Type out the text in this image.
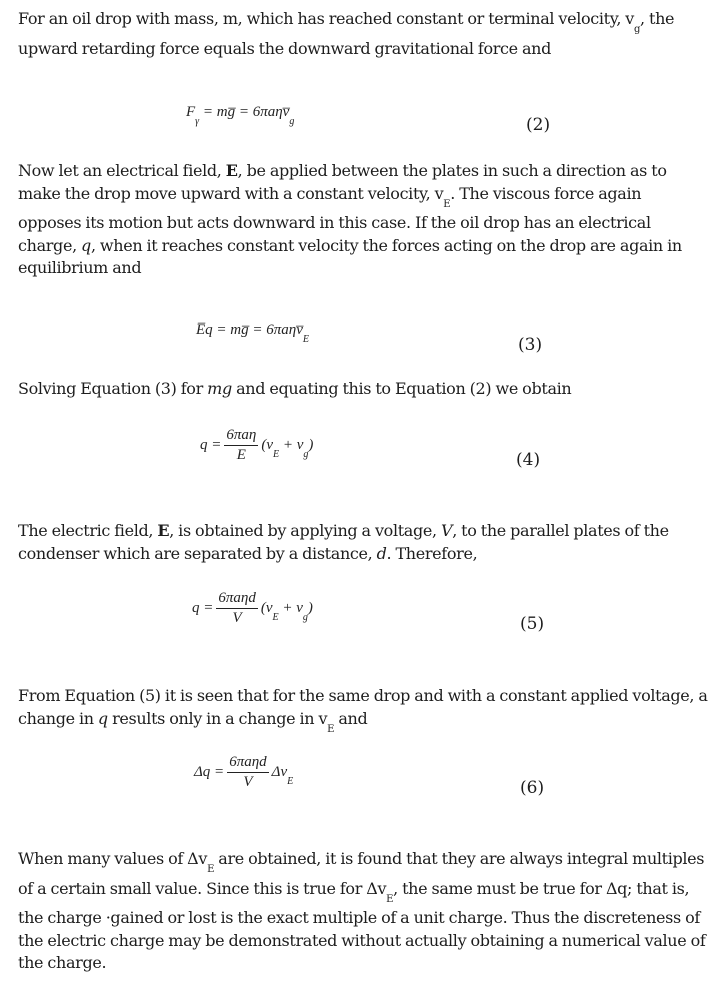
For an oil drop with mass, m, which has reached constant or terminal velocity, $v_g$, the upward retarding force equals the downward gravitational force and
$F_\gamma$ = mg̅ = $6\pi a\eta v̅_g$	(2)
Now let an electrical field, E, be applied between the plates in such a direction as to make the drop move upward with a constant velocity, $v_E$. The viscous force again opposes its motion but acts downward in this case. If the oil drop has an electrical charge, q, when it reaches constant velocity the forces acting on the drop are again in equilibrium and
E̅q = mg̅ = $6\pi a\eta v̅_E$	(3)
Solving Equation (3) for mg and equating this to Equation (2) we obtain
$q = \frac{\text{6πaη}}{E} (v_E + v_g)$
(4)
The electric field, E, is obtained by applying a voltage, V, to the parallel plates of the condenser which are separated by a distance, d. Therefore,
$q = \frac{\text{6πaηd}}{V} (v_E + v_g)$
(5)
From Equation (5) it is seen that for the same drop and with a constant applied voltage, a change in q results only in a change in $v_E$ and
$\Delta q = \frac{\text{6πaηd}}{V} \Delta v_E$	(6)
When many values of $\Delta v_E$ are obtained, it is found that they are always integral multiples of a certain small value. Since this is true for $\Delta v_E$, the same must be true for Δq; that is, the charge ·gained or lost is the exact multiple of a unit charge. Thus the discreteness of the electric charge may be demonstrated without actually obtaining a numerical value of the charge.
